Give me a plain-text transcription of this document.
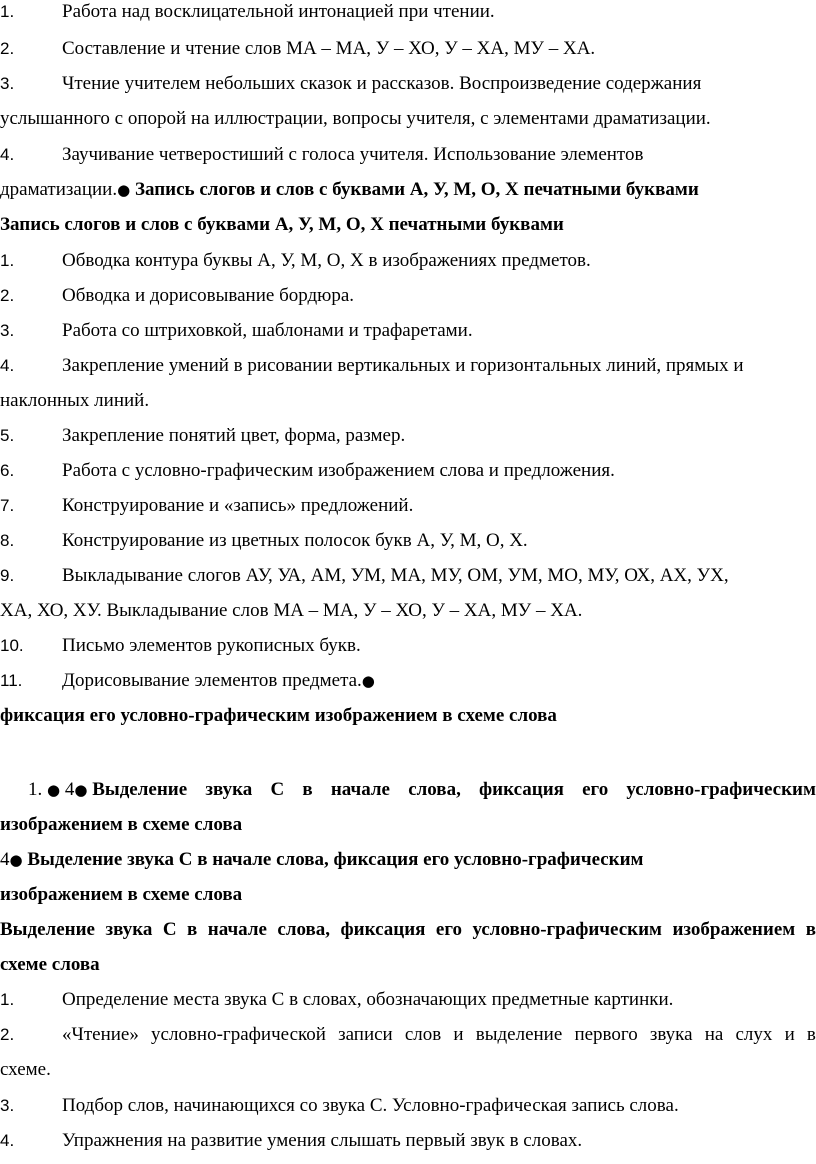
1.	Работа над восклицательной интонацией при чтении.
2.	Составление и чтение слов МА – МА, У – ХО, У – ХА, МУ – ХА.
3.	Чтение учителем небольших сказок и рассказов. Воспроизведение содержания
услышанного с опорой на иллюстрации, вопросы учителя, с элементами драматизации.
4.	Заучивание четверостиший с голоса учителя. Использование элементов
драматизации.● Запись слогов и слов с буквами А, У, М, О, Х печатными буквами
Запись слогов и слов с буквами А, У, М, О, Х печатными буквами
1.	Обводка контура буквы А, У, М, О, Х в изображениях предметов.
2.	Обводка и дорисовывание бордюра.
3.	Работа со штриховкой, шаблонами и трафаретами.
4.	Закрепление умений в рисовании вертикальных и горизонтальных линий, прямых и
наклонных линий.
5.	Закрепление понятий цвет, форма, размер.
6.	Работа с условно-графическим изображением слова и предложения.
7.	Конструирование и «запись» предложений.
8.	Конструирование из цветных полосок букв А, У, М, О, Х.
9.	Выкладывание слогов АУ, УА, АМ, УМ, МА, МУ, ОМ, УМ, МО, МУ, ОХ, АХ, УХ,
ХА, ХО, ХУ. Выкладывание слов МА – МА, У – ХО, У – ХА, МУ – ХА.
10. Письмо элементов рукописных букв.
11. Дорисовывание элементов предмета.●
фиксация его условно-графическим изображением в схеме слова
1. ● 4● Выделение звука С в начале слова, фиксация его условно-графическим
изображением в схеме слова
4● Выделение звука С в начале слова, фиксация его условно-графическим
изображением в схеме слова
Выделение звука С в начале слова, фиксация его условно-графическим изображением в
схеме слова
1.	Определение места звука С в словах, обозначающих предметные картинки.
2.	«Чтение» условно-графической записи слов и выделение первого звука на слух и в
схеме.
3.	Подбор слов, начинающихся со звука С. Условно-графическая запись слова.
4.	Упражнения на развитие умения слышать первый звук в словах.
